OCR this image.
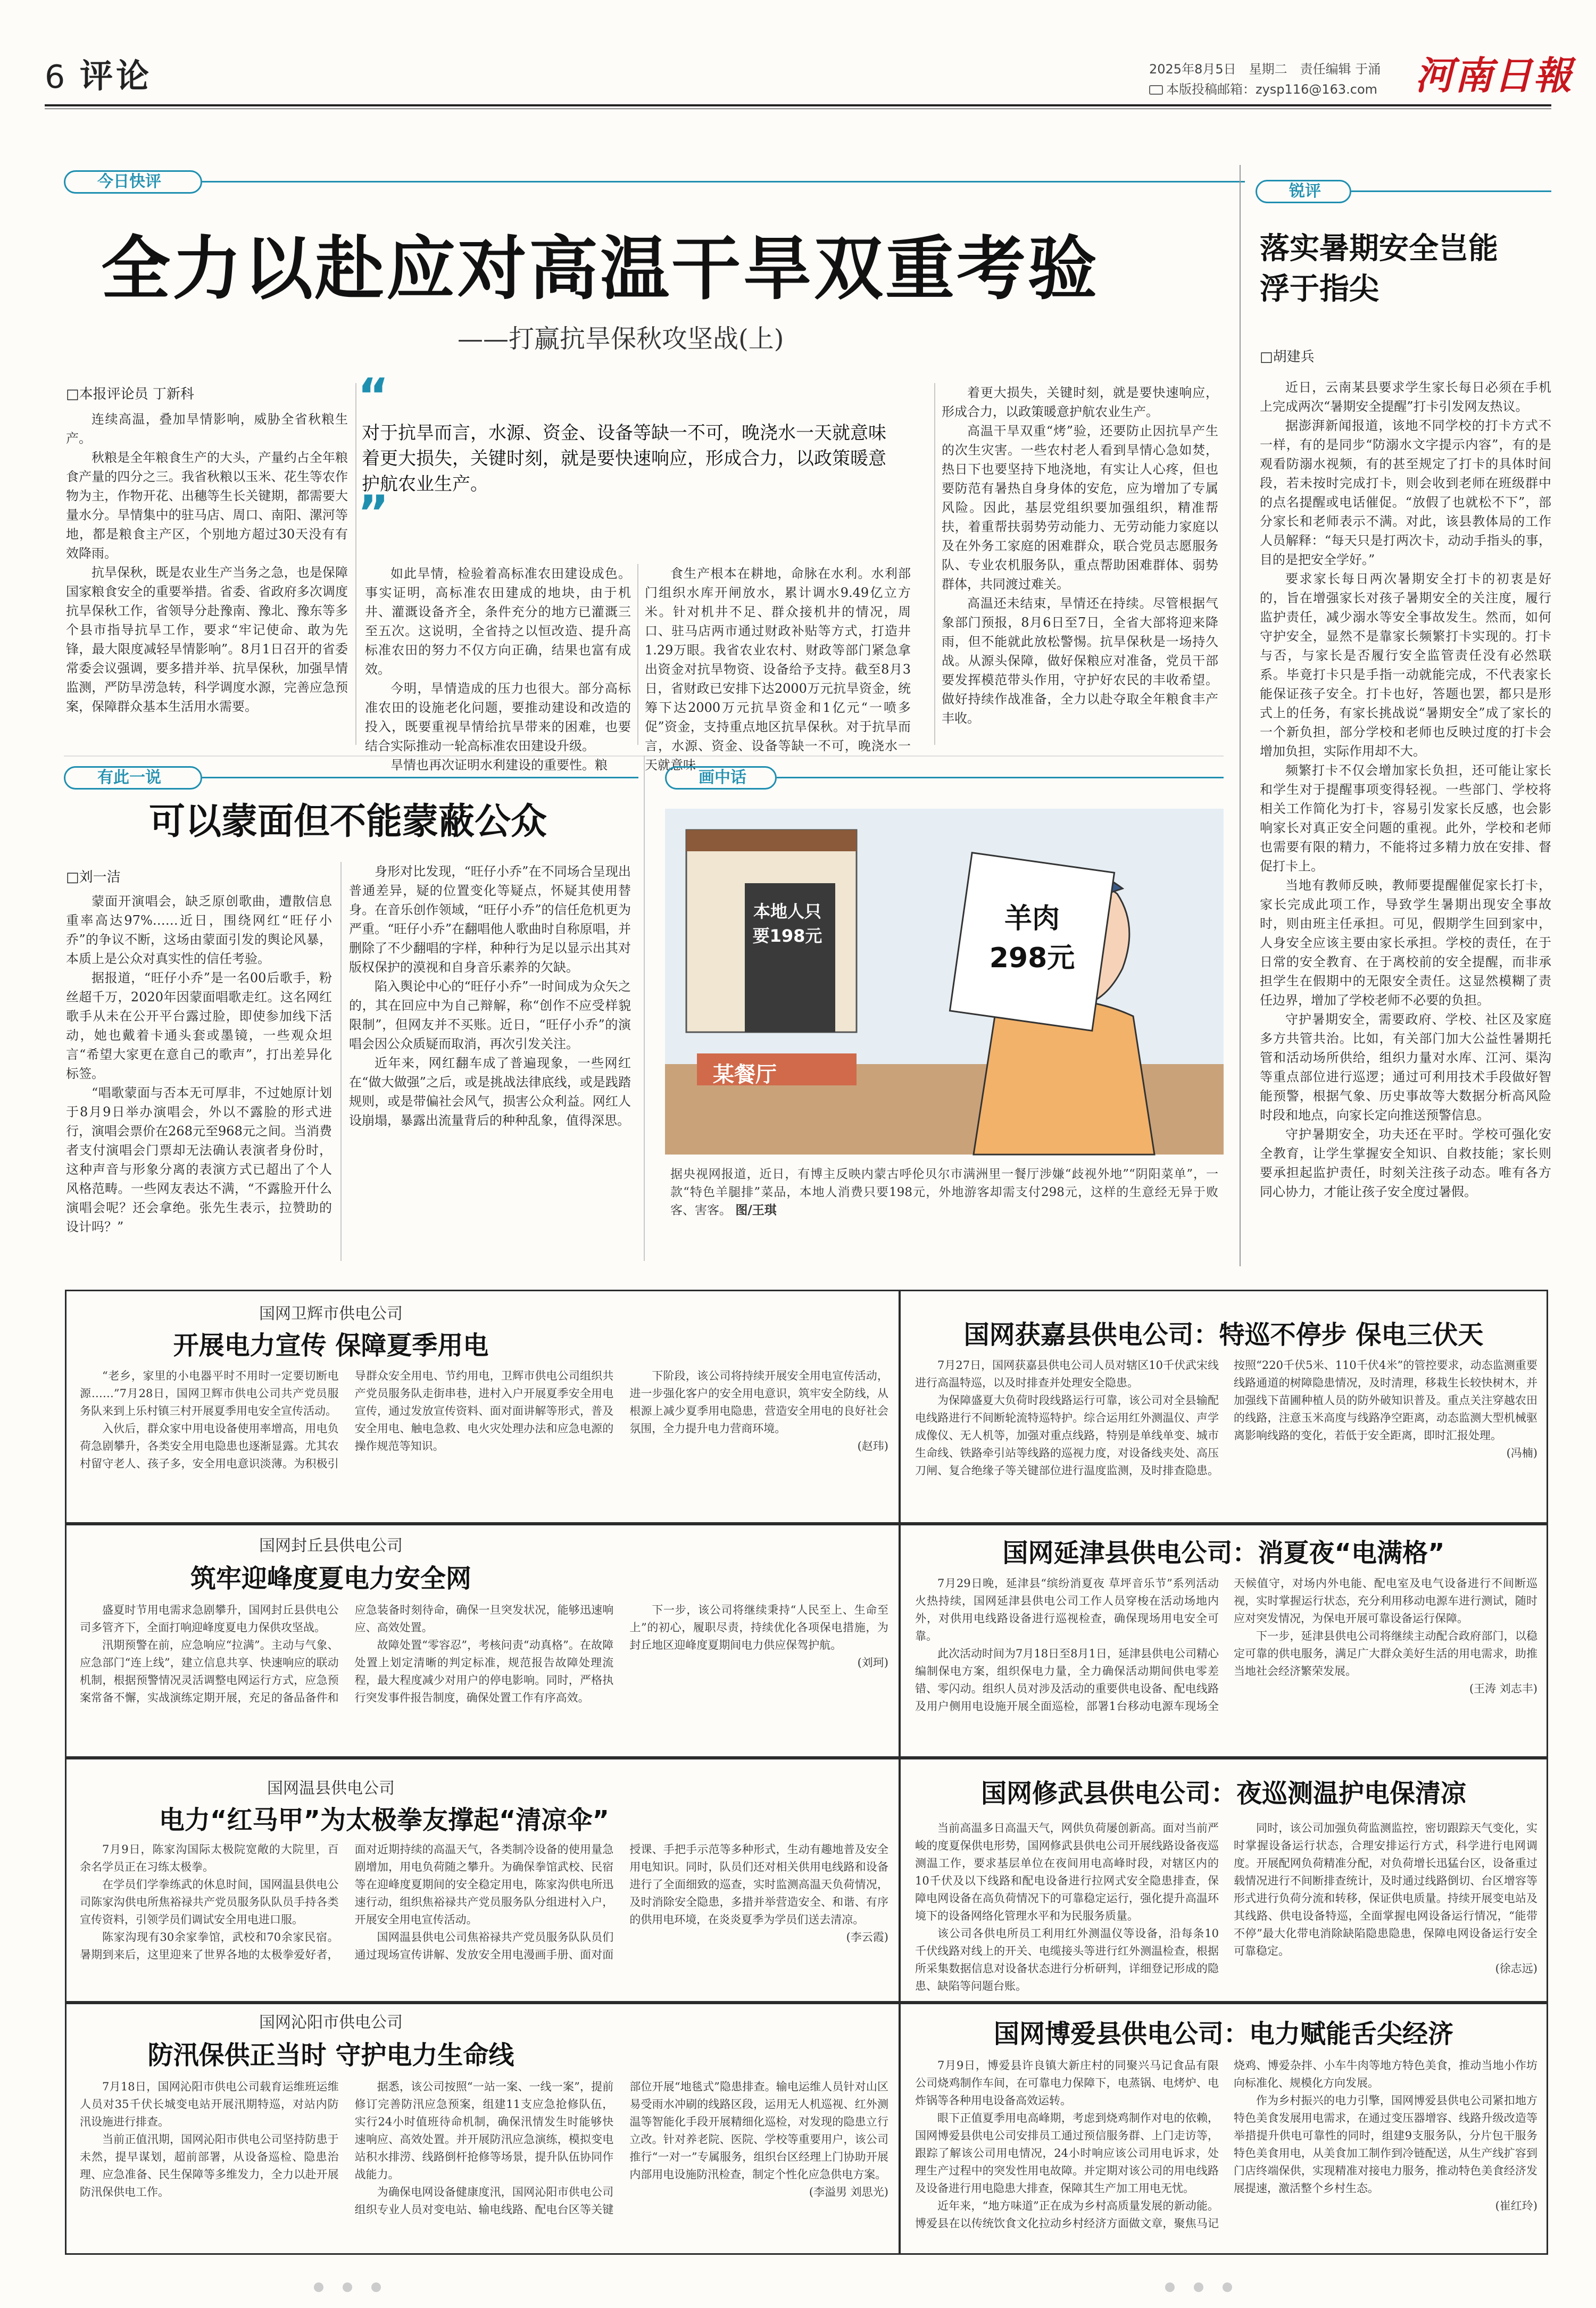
6 评论	2025年8月5日　星期二　责任编辑 于涌
本版投稿邮箱：zysp116@163.com 河南日報
今日快评
全力以赴应对高温干旱双重考验
——打赢抗旱保秋攻坚战(上)
□本报评论员 丁新科

连续高温，叠加旱情影响，威胁全省秋粮生产。

秋粮是全年粮食生产的大头，产量约占全年粮食产量的四分之三。我省秋粮以玉米、花生等农作物为主，作物开花、出穗等生长关键期，都需要大量水分。旱情集中的驻马店、周口、南阳、漯河等地，都是粮食主产区，个别地方超过30天没有有效降雨。

抗旱保秋，既是农业生产当务之急，也是保障国家粮食安全的重要举措。省委、省政府多次调度抗旱保秋工作，省领导分赴豫南、豫北、豫东等多个县市指导抗旱工作，要求“牢记使命、敢为先锋，最大限度减轻旱情影响”。8月1日召开的省委常委会议强调，要多措并举、抗旱保秋，加强旱情监测，严防旱涝急转，科学调度水源，完善应急预案，保障群众基本生活用水需要。

“
对于抗旱而言，水源、资金、设备等缺一不可，晚浇水一天就意味着更大损失，关键时刻，就是要快速响应，形成合力，以政策暖意护航农业生产。
”

如此旱情，检验着高标准农田建设成色。事实证明，高标准农田建成的地块，由于机井、灌溉设备齐全，条件充分的地方已灌溉三至五次。这说明，全省持之以恒改造、提升高标准农田的努力不仅方向正确，结果也富有成效。

今明，旱情造成的压力也很大。部分高标准农田的设施老化问题，要推动建设和改造的投入，既要重视旱情给抗旱带来的困难，也要结合实际推动一轮高标准农田建设升级。

旱情也再次证明水利建设的重要性。粮

食生产根本在耕地，命脉在水利。水利部门组织水库开闸放水，累计调水9.49亿立方米。针对机井不足、群众接机井的情况，周口、驻马店两市通过财政补贴等方式，打造井1.29万眼。我省农业农村、财政等部门紧急拿出资金对抗旱物资、设备给予支持。截至8月3日，省财政已安排下达2000万元抗旱资金，统筹下达2000万元抗旱资金和1亿元“一喷多促”资金，支持重点地区抗旱保秋。对于抗旱而言，水源、资金、设备等缺一不可，晚浇水一天就意味

着更大损失，关键时刻，就是要快速响应，形成合力，以政策暖意护航农业生产。

高温干旱双重“烤”验，还要防止因抗旱产生的次生灾害。一些农村老人看到旱情心急如焚，热日下也要坚持下地浇地，有实让人心疼，但也要防范有暑热自身身体的安危，应为增加了专属风险。因此，基层党组织要加强组织，精准帮扶，着重帮扶弱势劳动能力、无劳动能力家庭以及在外务工家庭的困难群众，联合党员志愿服务队、专业农机服务队，重点帮助困难群体、弱势群体，共同渡过难关。

高温还未结束，旱情还在持续。尽管根据气象部门预报，8月6日至7日，全省大部将迎来降雨，但不能就此放松警惕。抗旱保秋是一场持久战。从源头保障，做好保粮应对准备，党员干部要发挥模范带头作用，守护好农民的丰收希望。做好持续作战准备，全力以赴夺取全年粮食丰产丰收。

锐评
落实暑期安全岂能浮于指尖
□胡建兵

近日，云南某县要求学生家长每日必须在手机上完成两次“暑期安全提醒”打卡引发网友热议。

据澎湃新闻报道，该地不同学校的打卡方式不一样，有的是同步“防溺水文字提示内容”，有的是观看防溺水视频，有的甚至规定了打卡的具体时间段，若未按时完成打卡，则会收到老师在班级群中的点名提醒或电话催促。“放假了也就松不下”，部分家长和老师表示不满。对此，该县教体局的工作人员解释：“每天只是打两次卡，动动手指头的事，目的是把安全学好。”

要求家长每日两次暑期安全打卡的初衷是好的，旨在增强家长对孩子暑期安全的关注度，履行监护责任，减少溺水等安全事故发生。然而，如何守护安全，显然不是靠家长频繁打卡实现的。打卡与否，与家长是否履行安全监管责任没有必然联系。毕竟打卡只是手指一动就能完成，不代表家长能保证孩子安全。打卡也好，答题也罢，都只是形式上的任务，有家长挑战说“暑期安全”成了家长的一个新负担，部分学校和老师也反映过度的打卡会增加负担，实际作用却不大。

频繁打卡不仅会增加家长负担，还可能让家长和学生对于提醒事项变得轻视。一些部门、学校将相关工作简化为打卡，容易引发家长反感，也会影响家长对真正安全问题的重视。此外，学校和老师也需要有限的精力，不能将过多精力放在安排、督促打卡上。

当地有教师反映，教师要提醒催促家长打卡，家长完成此项工作，导致学生暑期出现安全事故时，则由班主任承担。可见，假期学生回到家中，人身安全应该主要由家长承担。学校的责任，在于日常的安全教育、在于离校前的安全提醒，而非承担学生在假期中的无限安全责任。这显然模糊了责任边界，增加了学校老师不必要的负担。

守护暑期安全，需要政府、学校、社区及家庭多方共管共治。比如，有关部门加大公益性暑期托管和活动场所供给，组织力量对水库、江河、渠沟等重点部位进行巡逻；通过可利用技术手段做好智能预警，根据气象、历史事故等大数据分析高风险时段和地点，向家长定向推送预警信息。

守护暑期安全，功夫还在平时。学校可强化安全教育，让学生掌握安全知识、自救技能；家长则要承担起监护责任，时刻关注孩子动态。唯有各方同心协力，才能让孩子安全度过暑假。

有此一说
可以蒙面但不能蒙蔽公众
□刘一洁

蒙面开演唱会，缺乏原创歌曲，遭散信息重率高达97%……近日，围绕网红“旺仔小乔”的争议不断，这场由蒙面引发的舆论风暴，本质上是公众对真实性的信任考验。

据报道，“旺仔小乔”是一名00后歌手，粉丝超千万，2020年因蒙面唱歌走红。这名网红歌手从未在公开平台露过脸，即使参加线下活动，她也戴着卡通头套或墨镜，一些观众坦言“希望大家更在意自己的歌声”，打出差异化标签。

“唱歌蒙面与否本无可厚非，不过她原计划于8月9日举办演唱会，外以不露脸的形式进行，演唱会票价在268元至968元之间。当消费者支付演唱会门票却无法确认表演者身份时，这种声音与形象分离的表演方式已超出了个人风格范畴。一些网友表达不满，“不露脸开什么演唱会呢？还会拿绝。张先生表示，拉赞助的设计吗？”

身形对比发现，“旺仔小乔”在不同场合呈现出普通差异，疑的位置变化等疑点，怀疑其使用替身。在音乐创作领域，“旺仔小乔”的信任危机更为严重。“旺仔小乔”在翻唱他人歌曲时自称原唱，并删除了不少翻唱的字样，种种行为足以显示出其对版权保护的漠视和自身音乐素养的欠缺。

陷入舆论中心的“旺仔小乔”一时间成为众矢之的，其在回应中为自己辩解，称“创作不应受样貌限制”，但网友并不买账。近日，“旺仔小乔”的演唱会因公众质疑而取消，再次引发关注。

近年来，网红翻车成了普遍现象，一些网红在“做大做强”之后，或是挑战法律底线，或是践踏规则，或是带偏社会风气，损害公众利益。网红人设崩塌，暴露出流量背后的种种乱象，值得深思。

画中话
本地人只要198元
羊肉298元
某餐厅
据央视网报道，近日，有博主反映内蒙古呼伦贝尔市满洲里一餐厅涉嫌“歧视外地”“阴阳菜单”，一款“特色羊腿排”菜品，本地人消费只要198元，外地游客却需支付298元，这样的生意经无异于败客、害客。 图/王琪
国网卫辉市供电公司
开展电力宣传 保障夏季用电

“老乡，家里的小电器平时不用时一定要切断电源……”7月28日，国网卫辉市供电公司共产党员服务队来到上乐村镇三村开展夏季用电安全宣传活动。

入伙后，群众家中用电设备使用率增高，用电负荷急剧攀升，各类安全用电隐患也逐渐显露。尤其农村留守老人、孩子多，安全用电意识淡薄。为积极引导群众安全用电、节约用电，卫辉市供电公司组织共产党员服务队走街串巷，进村入户开展夏季安全用电宣传，通过发放宣传资料、面对面讲解等形式，普及安全用电、触电急救、电火灾处理办法和应急电源的操作规范等知识。

下阶段，该公司将持续开展安全用电宣传活动，进一步强化客户的安全用电意识，筑牢安全防线，从根源上减少夏季用电隐患，营造安全用电的良好社会氛围，全力提升电力营商环境。

(赵玮)
国网封丘县供电公司
筑牢迎峰度夏电力安全网

盛夏时节用电需求急剧攀升，国网封丘县供电公司多管齐下，全面打响迎峰度夏电力保供攻坚战。

汛期预警在前，应急响应“拉满”。主动与气象、应急部门“连上线”，建立信息共享、快速响应的联动机制，根据预警情况灵活调整电网运行方式，应急预案常备不懈，实战演练定期开展，充足的备品备件和应急装备时刻待命，确保一旦突发状况，能够迅速响应、高效处置。

故障处置“零容忍”，考核问责“动真格”。在故障处置上划定清晰的判定标准，规范报告故障处理流程，最大程度减少对用户的停电影响。同时，严格执行突发事件报告制度，确保处置工作有序高效。

下一步，该公司将继续秉持“人民至上、生命至上”的初心，履职尽责，持续优化各项保电措施，为封丘地区迎峰度夏期间电力供应保驾护航。

(刘珂)
国网温县供电公司
电力“红马甲”为太极拳友撑起“清凉伞”

7月9日，陈家沟国际太极院宽敞的大院里，百余名学员正在习练太极拳。

在学员们学拳练武的休息时间，国网温县供电公司陈家沟供电所焦裕禄共产党员服务队队员手持各类宣传资料，引领学员们调试安全用电进口服。

陈家沟现有30余家拳馆，武校和70余家民宿。暑期到来后，这里迎来了世界各地的太极拳爱好者，面对近期持续的高温天气，各类制冷设备的使用量急剧增加，用电负荷随之攀升。为确保拳馆武校、民宿等在迎峰度夏期间的安全稳定用电，陈家沟供电所迅速行动，组织焦裕禄共产党员服务队分组进村入户，开展安全用电宣传活动。

国网温县供电公司焦裕禄共产党员服务队队员们通过现场宣传讲解、发放安全用电漫画手册、面对面授课、手把手示范等多种形式，生动有趣地普及安全用电知识。同时，队员们还对相关供用电线路和设备进行了全面细致的巡查，实时监测高温天负荷情况，及时消除安全隐患，多措并举营造安全、和谐、有序的供用电环境，在炎炎夏季为学员们送去清凉。

(李云霞)
国网沁阳市供电公司
防汛保供正当时 守护电力生命线

7月18日，国网沁阳市供电公司载育运维班运维人员对35千伏长城变电站开展汛期特巡，对站内防汛设施进行排查。

当前正值汛期，国网沁阳市供电公司坚持防患于未然，提早谋划，超前部署，从设备巡检、隐患治理、应急准备、民生保障等多维发力，全力以赴开展防汛保供电工作。

据悉，该公司按照“一站一案、一线一案”，提前修订完善防汛应急预案，组建11支应急抢修队伍，实行24小时值班待命机制，确保汛情发生时能够快速响应、高效处置。并开展防汛应急演练，模拟变电站积水排涝、线路倒杆抢修等场景，提升队伍协同作战能力。

为确保电网设备健康度汛，国网沁阳市供电公司组织专业人员对变电站、输电线路、配电台区等关键部位开展“地毯式”隐患排查。输电运维人员针对山区易受雨水冲刷的线路区段，运用无人机巡视、红外测温等智能化手段开展精细化巡检，对发现的隐患立行立改。针对养老院、医院、学校等重要用户，该公司推行“一对一”专属服务，组织台区经理上门协助开展内部用电设施防汛检查，制定个性化应急供电方案。

(李溢男 刘思光)
国网获嘉县供电公司：特巡不停步 保电三伏天

7月27日，国网获嘉县供电公司人员对辖区10千伏武宋线进行高温特巡，以及时排查并处理安全隐患。

为保障盛夏大负荷时段线路运行可靠，该公司对全县输配电线路进行不间断轮流特巡特护。综合运用红外测温仪、声学成像仪、无人机等，加强对重点线路，特别是单线单变、城市生命线、铁路牵引站等线路的巡视力度，对设备线夹处、高压刀闸、复合绝缘子等关键部位进行温度监测，及时排查隐患。按照“220千伏5米、110千伏4米”的管控要求，动态监测重要线路通道的树障隐患情况，及时清理，移栽生长较快树木，并加强线下苗圃种植人员的防外破知识普及。重点关注穿越农田的线路，注意玉米高度与线路净空距离，动态监测大型机械驱离影响线路的变化，若低于安全距离，即时汇报处理。

(冯楠)
国网延津县供电公司：消夏夜“电满格”

7月29日晚，延津县“缤纷消夏夜 草坪音乐节”系列活动火热持续，国网延津县供电公司工作人员穿梭在活动场地内外，对供用电线路设备进行巡视检查，确保现场用电安全可靠。

此次活动时间为7月18日至8月1日，延津县供电公司精心编制保电方案，组织保电力量，全力确保活动期间供电零差错、零闪动。组织人员对涉及活动的重要供电设备、配电线路及用户侧用电设施开展全面巡检，部署1台移动电源车现场全天候值守，对场内外电能、配电室及电气设备进行不间断巡视，实时掌握运行状态，充分利用移动电源车进行测试，随时应对突发情况，为保电开展可靠设备运行保障。

下一步，延津县供电公司将继续主动配合政府部门，以稳定可靠的供电服务，满足广大群众美好生活的用电需求，助推当地社会经济繁荣发展。

(王涛 刘志丰)
国网修武县供电公司：夜巡测温护电保清凉

当前高温多日高温天气，网供负荷屡创新高。面对当前严峻的度夏保供电形势，国网修武县供电公司开展线路设备夜巡测温工作，要求基层单位在夜间用电高峰时段，对辖区内的10千伏及以下线路和配电设备进行拉网式安全隐患排查，保障电网设备在高负荷情况下的可靠稳定运行，强化提升高温环境下的设备网络化管理水平和为民服务质量。

该公司各供电所员工利用红外测温仪等设备，沿每条10千伏线路对线上的开关、电缆接头等进行红外测温检查，根据所采集数据信息对设备状态进行分析研判，详细登记形成的隐患、缺陷等问题台账。

同时，该公司加强负荷监测监控，密切跟踪天气变化，实时掌握设备运行状态，合理安排运行方式，科学进行电网调度。开展配网负荷精准分配，对负荷增长迅猛台区，设备重过载情况进行不间断排查统计，及时通过线路倒切、台区增容等形式进行负荷分流和转移，保证供电质量。持续开展变电站及其线路、供电设备特巡，全面掌握电网设备运行情况，“能带不停”最大化带电消除缺陷隐患隐患，保障电网设备运行安全可靠稳定。

(徐志远)
国网博爱县供电公司：电力赋能舌尖经济

7月9日，博爱县许良镇大新庄村的同聚兴马记食品有限公司烧鸡制作车间，在可靠电力保障下，电蒸锅、电烤炉、电炸锅等各种用电设备高效运转。

眼下正值夏季用电高峰期，考虑到烧鸡制作对电的依赖，国网博爱县供电公司安排员工通过预信服务群、上门走访等，跟踪了解该公司用电情况，24小时响应该公司用电诉求，处理生产过程中的突发性用电故障。并定期对该公司的用电线路及设备进行用电隐患大排查，保障其生产加工用电无忧。

近年来，“地方味道”正在成为乡村高质量发展的新动能。博爱县在以传统饮食文化拉动乡村经济方面做文章，聚焦马记烧鸡、博爱杂拌、小车牛肉等地方特色美食，推动当地小作坊向标准化、规模化方向发展。

作为乡村振兴的电力引擎，国网博爱县供电公司紧扣地方特色美食发展用电需求，在通过变压器增容、线路升级改造等举措提升供电可靠性的同时，组建9支服务队，分片包干服务特色美食用电，从美食加工制作到冷链配送，从生产线扩容到门店终端保供，实现精准对接电力服务，推动特色美食经济发展提速，激活整个乡村生态。

(崔红玲)
